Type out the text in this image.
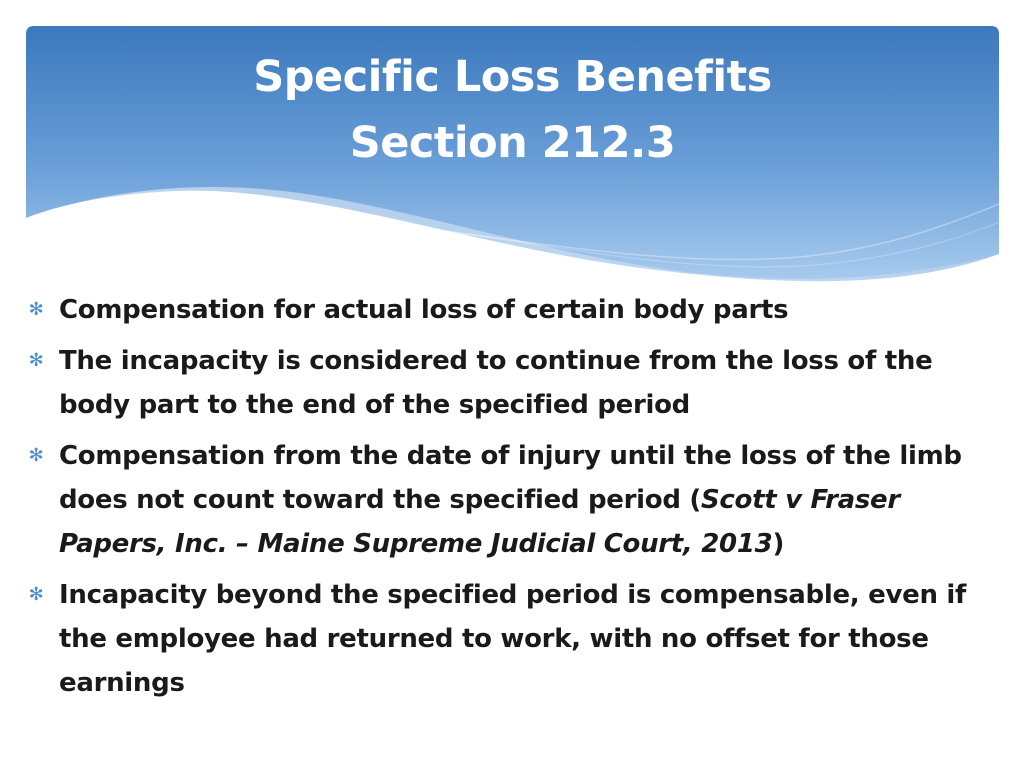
Specific Loss Benefits
Section 212.3
✻ Compensation for actual loss of certain body parts
✻ The incapacity is considered to continue from the loss of the body part to the end of the specified period
✻ Compensation from the date of injury until the loss of the limb does not count toward the specified period (Scott v Fraser Papers, Inc. – Maine Supreme Judicial Court, 2013)
✻ Incapacity beyond the specified period is compensable, even if the employee had returned to work, with no offset for those earnings
